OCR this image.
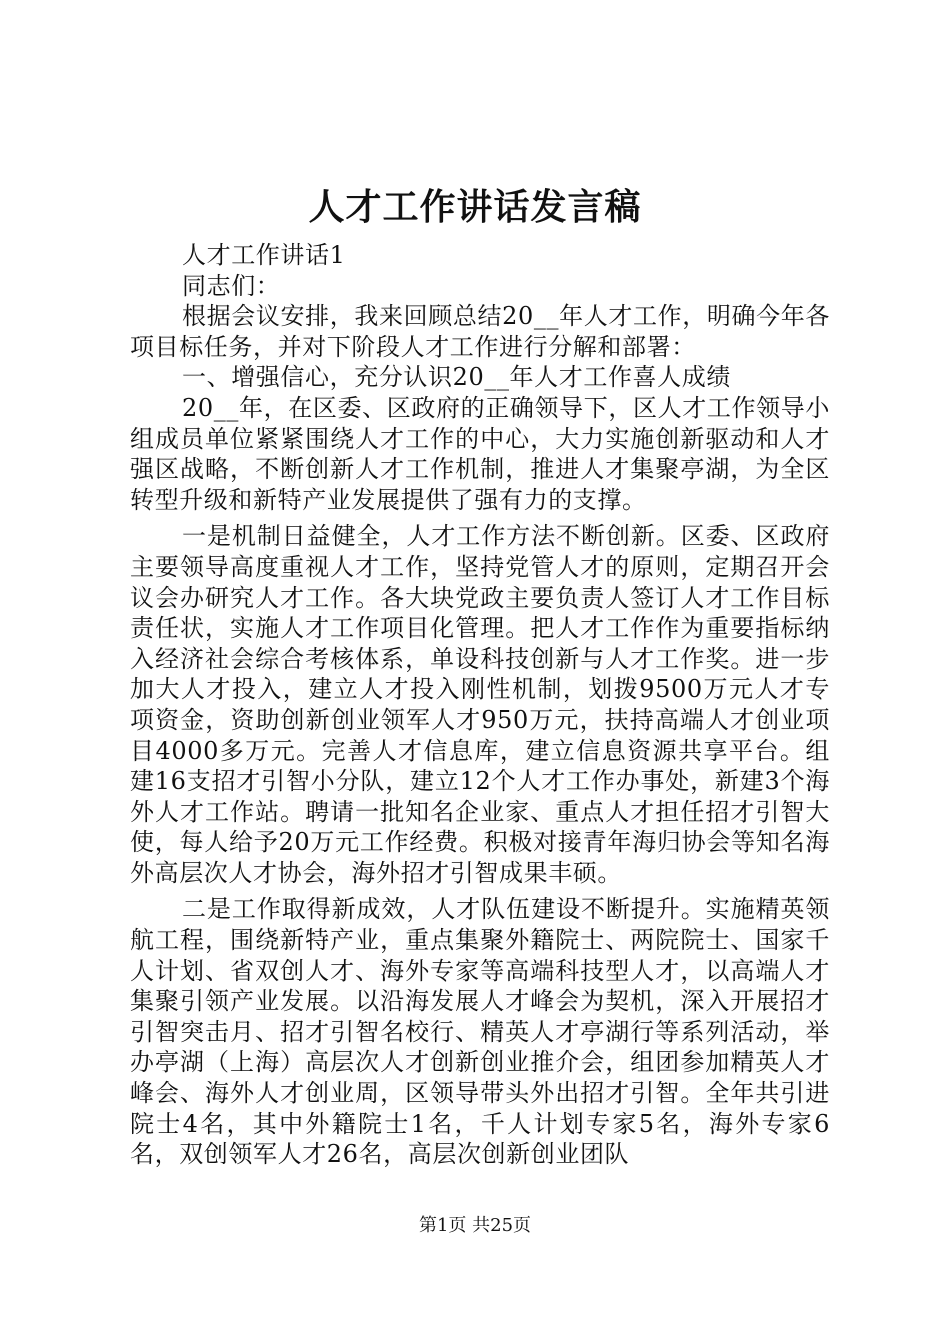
人才工作讲话发言稿

人才工作讲话1

同志们：

根据会议安排，我来回顾总结20__年人才工作，明确今年各项目标任务，并对下阶段人才工作进行分解和部署：

一、增强信心，充分认识20__年人才工作喜人成绩

20__年，在区委、区政府的正确领导下，区人才工作领导小组成员单位紧紧围绕人才工作的中心，大力实施创新驱动和人才强区战略，不断创新人才工作机制，推进人才集聚亭湖，为全区转型升级和新特产业发展提供了强有力的支撑。

一是机制日益健全，人才工作方法不断创新。区委、区政府主要领导高度重视人才工作，坚持党管人才的原则，定期召开会议会办研究人才工作。各大块党政主要负责人签订人才工作目标责任状，实施人才工作项目化管理。把人才工作作为重要指标纳入经济社会综合考核体系，单设科技创新与人才工作奖。进一步加大人才投入，建立人才投入刚性机制，划拨9500万元人才专项资金，资助创新创业领军人才950万元，扶持高端人才创业项目4000多万元。完善人才信息库，建立信息资源共享平台。组建16支招才引智小分队，建立12个人才工作办事处，新建3个海外人才工作站。聘请一批知名企业家、重点人才担任招才引智大使，每人给予20万元工作经费。积极对接青年海归协会等知名海外高层次人才协会，海外招才引智成果丰硕。

二是工作取得新成效，人才队伍建设不断提升。实施精英领航工程，围绕新特产业，重点集聚外籍院士、两院院士、国家千人计划、省双创人才、海外专家等高端科技型人才，以高端人才集聚引领产业发展。以沿海发展人才峰会为契机，深入开展招才引智突击月、招才引智名校行、精英人才亭湖行等系列活动，举办亭湖（上海）高层次人才创新创业推介会，组团参加精英人才峰会、海外人才创业周，区领导带头外出招才引智。全年共引进院士4名，其中外籍院士1名，千人计划专家5名，海外专家6名，双创领军人才26名，高层次创新创业团队

第1页 共25页
